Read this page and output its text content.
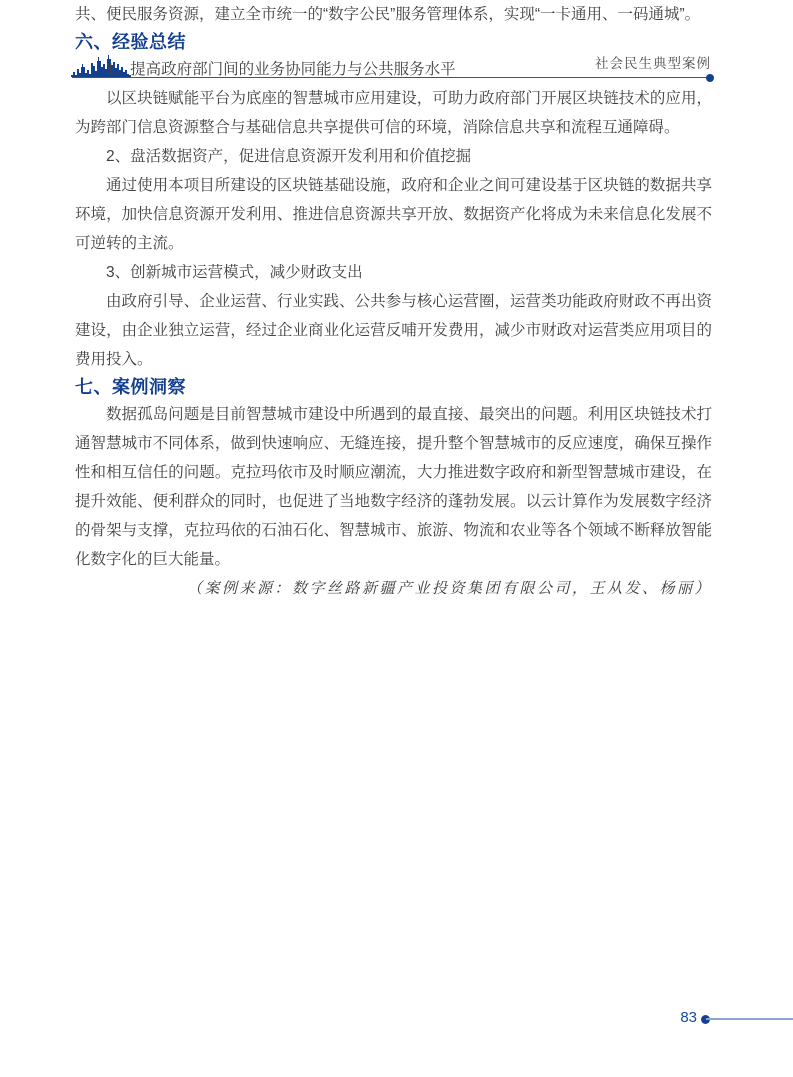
社会民生典型案例

共、便民服务资源，建立全市统一的“数字公民”服务管理体系，实现“一卡通用、一码通城”。

六、经验总结
1、提高政府部门间的业务协同能力与公共服务水平

以区块链赋能平台为底座的智慧城市应用建设，可助力政府部门开展区块链技术的应用，为跨部门信息资源整合与基础信息共享提供可信的环境，消除信息共享和流程互通障碍。

2、盘活数据资产，促进信息资源开发利用和价值挖掘

通过使用本项目所建设的区块链基础设施，政府和企业之间可建设基于区块链的数据共享环境，加快信息资源开发利用、推进信息资源共享开放、数据资产化将成为未来信息化发展不可逆转的主流。

3、创新城市运营模式，减少财政支出

由政府引导、企业运营、行业实践、公共参与核心运营圈，运营类功能政府财政不再出资建设，由企业独立运营，经过企业商业化运营反哺开发费用，减少市财政对运营类应用项目的费用投入。

七、案例洞察

数据孤岛问题是目前智慧城市建设中所遇到的最直接、最突出的问题。利用区块链技术打通智慧城市不同体系，做到快速响应、无缝连接，提升整个智慧城市的反应速度，确保互操作性和相互信任的问题。克拉玛依市及时顺应潮流，大力推进数字政府和新型智慧城市建设，在提升效能、便利群众的同时，也促进了当地数字经济的蓬勃发展。以云计算作为发展数字经济的骨架与支撑，克拉玛依的石油石化、智慧城市、旅游、物流和农业等各个领域不断释放智能化数字化的巨大能量。

（案例来源：数字丝路新疆产业投资集团有限公司，王从发、杨丽）

83
